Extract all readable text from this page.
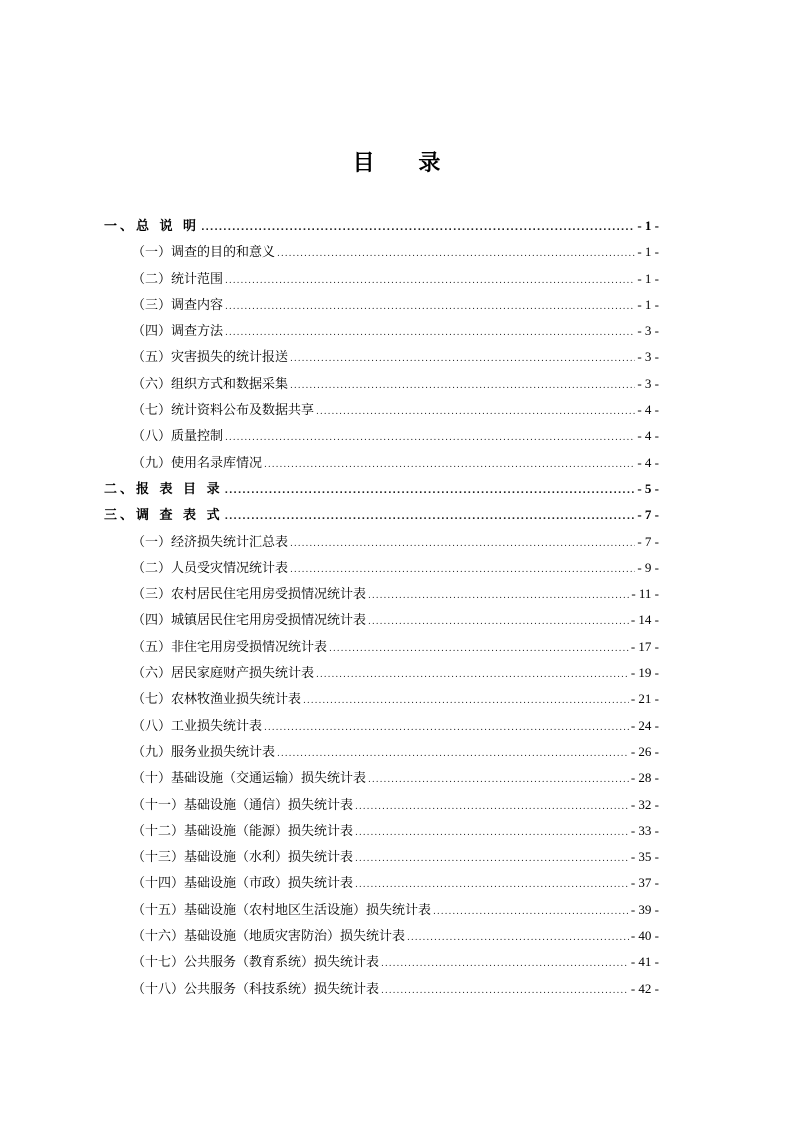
目 录
一、总 说 明 .....	- 1 -
（一）调查的目的和意义 .....	- 1 -
（二）统计范围 .....	- 1 -
（三）调查内容 .....	- 1 -
（四）调查方法 .....	- 3 -
（五）灾害损失的统计报送 .....	- 3 -
（六）组织方式和数据采集 .....	- 3 -
（七）统计资料公布及数据共享 .....	- 4 -
（八）质量控制 .....	- 4 -
（九）使用名录库情况 .....	- 4 -
二、报 表 目 录 .....	- 5 -
三、调 查 表 式 .....	- 7 -
（一）经济损失统计汇总表 .....	- 7 -
（二）人员受灾情况统计表 .....	- 9 -
（三）农村居民住宅用房受损情况统计表 .....	- 11 -
（四）城镇居民住宅用房受损情况统计表 .....	- 14 -
（五）非住宅用房受损情况统计表 .....	- 17 -
（六）居民家庭财产损失统计表 .....	- 19 -
（七）农林牧渔业损失统计表 .....	- 21 -
（八）工业损失统计表 .....	- 24 -
（九）服务业损失统计表 .....	- 26 -
（十）基础设施（交通运输）损失统计表 .....	- 28 -
（十一）基础设施（通信）损失统计表 .....	- 32 -
（十二）基础设施（能源）损失统计表 .....	- 33 -
（十三）基础设施（水利）损失统计表 .....	- 35 -
（十四）基础设施（市政）损失统计表 .....	- 37 -
（十五）基础设施（农村地区生活设施）损失统计表 .....	- 39 -
（十六）基础设施（地质灾害防治）损失统计表 .....	- 40 -
（十七）公共服务（教育系统）损失统计表 .....	- 41 -
（十八）公共服务（科技系统）损失统计表 .....	- 42 -
